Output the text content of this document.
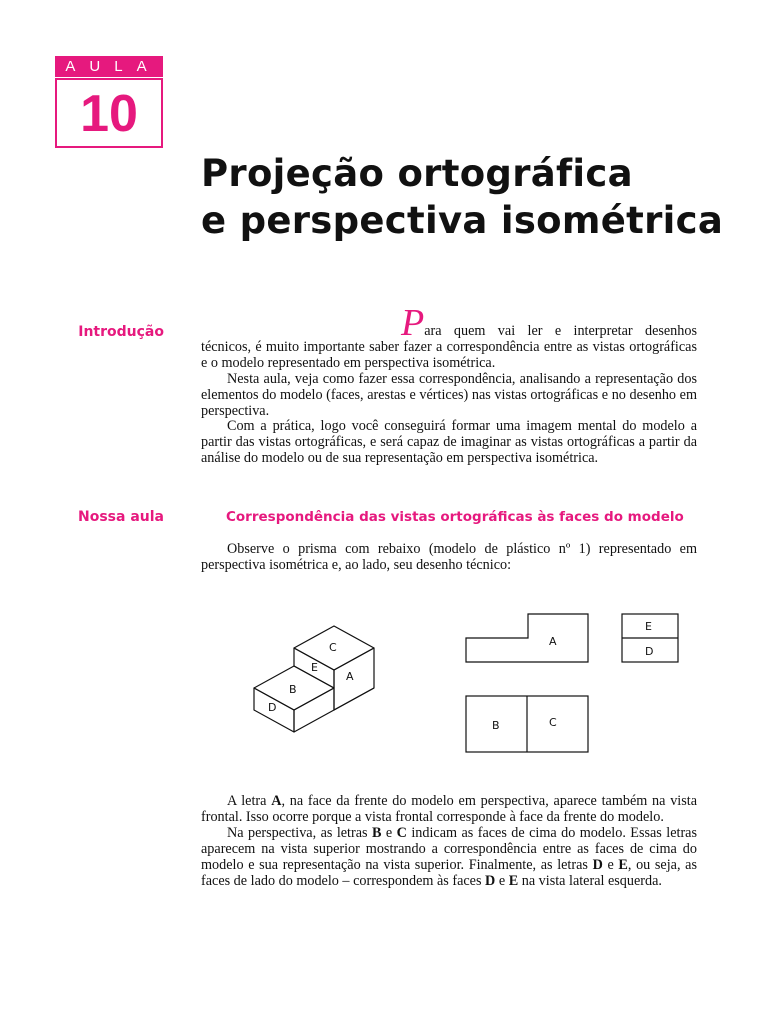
AULA
10
Projeção ortográfica
e perspectiva isométrica
Introdução	Para quem vai ler e interpretar desenhos técnicos, é muito importante saber fazer a correspondência entre as vistas ortográficas e o modelo representado em perspectiva isométrica.

Nesta aula, veja como fazer essa correspondência, analisando a representação dos elementos do modelo (faces, arestas e vértices) nas vistas ortográficas e no desenho em perspectiva.

Com a prática, logo você conseguirá formar uma imagem mental do modelo a partir das vistas ortográficas, e será capaz de imaginar as vistas ortográficas a partir da análise do modelo ou de sua representação em perspectiva isométrica.

Nossa aula	Correspondência das vistas ortográficas às faces do modelo

Observe o prisma com rebaixo (modelo de plástico nº 1) representado em perspectiva isométrica e, ao lado, seu desenho técnico:

C
E
A
B
D
A
E
D
B	C

A letra A, na face da frente do modelo em perspectiva, aparece também na vista frontal. Isso ocorre porque a vista frontal corresponde à face da frente do modelo.

Na perspectiva, as letras B e C indicam as faces de cima do modelo. Essas letras aparecem na vista superior mostrando a correspondência entre as faces de cima do modelo e sua representação na vista superior. Finalmente, as letras D e E, ou seja, as faces de lado do modelo – correspondem às faces D e E na vista lateral esquerda.
